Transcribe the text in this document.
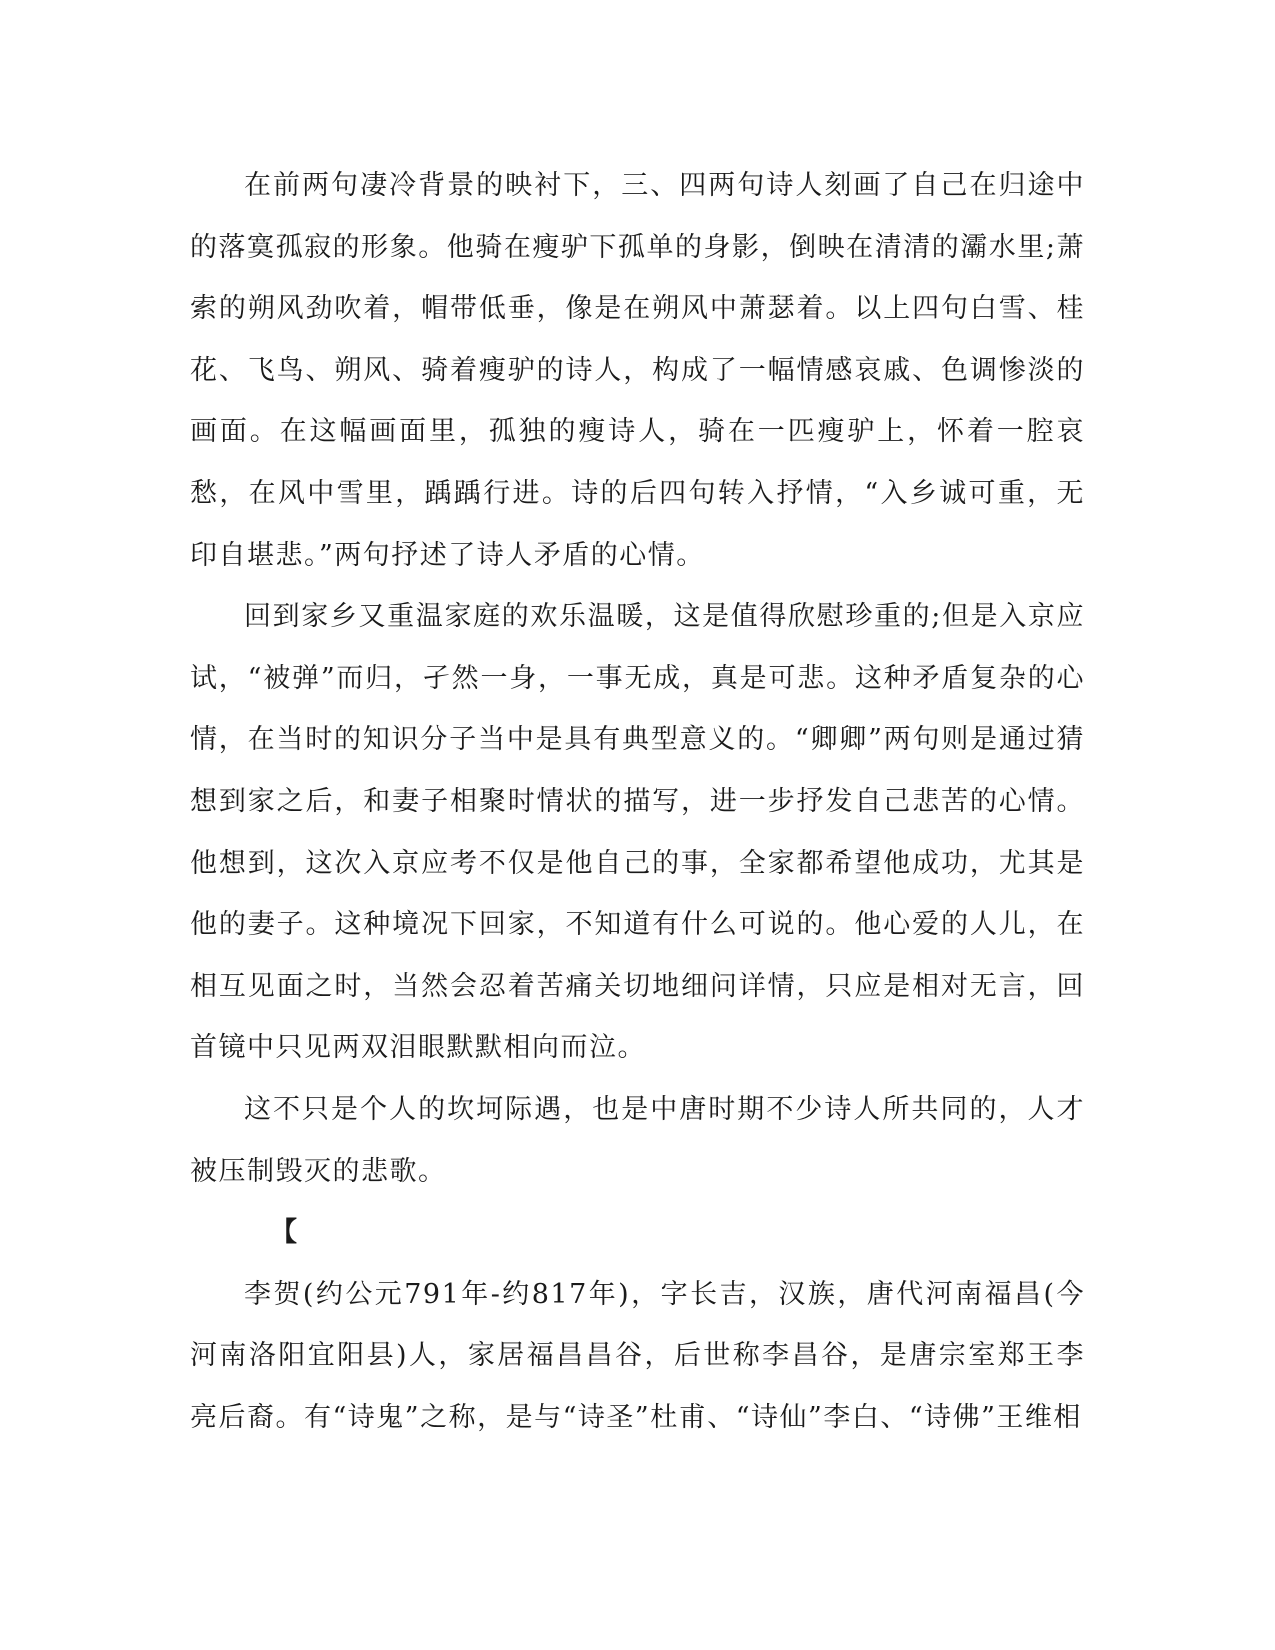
在前两句凄冷背景的映衬下，三、四两句诗人刻画了自己在归途中的落寞孤寂的形象。他骑在瘦驴下孤单的身影，倒映在清清的灞水里;萧索的朔风劲吹着，帽带低垂，像是在朔风中萧瑟着。以上四句白雪、桂花、飞鸟、朔风、骑着瘦驴的诗人，构成了一幅情感哀戚、色调惨淡的画面。在这幅画面里，孤独的瘦诗人，骑在一匹瘦驴上，怀着一腔哀愁，在风中雪里，踽踽行进。诗的后四句转入抒情，“入乡诚可重，无印自堪悲。”两句抒述了诗人矛盾的心情。

回到家乡又重温家庭的欢乐温暖，这是值得欣慰珍重的;但是入京应试，“被弹”而归，孑然一身，一事无成，真是可悲。这种矛盾复杂的心情，在当时的知识分子当中是具有典型意义的。“卿卿”两句则是通过猜想到家之后，和妻子相聚时情状的描写，进一步抒发自己悲苦的心情。他想到，这次入京应考不仅是他自己的事，全家都希望他成功，尤其是他的妻子。这种境况下回家，不知道有什么可说的。他心爱的人儿，在相互见面之时，当然会忍着苦痛关切地细问详情，只应是相对无言，回首镜中只见两双泪眼默默相向而泣。

这不只是个人的坎坷际遇，也是中唐时期不少诗人所共同的，人才被压制毁灭的悲歌。

【

李贺(约公元791年-约817年)，字长吉，汉族，唐代河南福昌(今河南洛阳宜阳县)人，家居福昌昌谷，后世称李昌谷，是唐宗室郑王李亮后裔。有“诗鬼”之称，是与“诗圣”杜甫、“诗仙”李白、“诗佛”王维相
